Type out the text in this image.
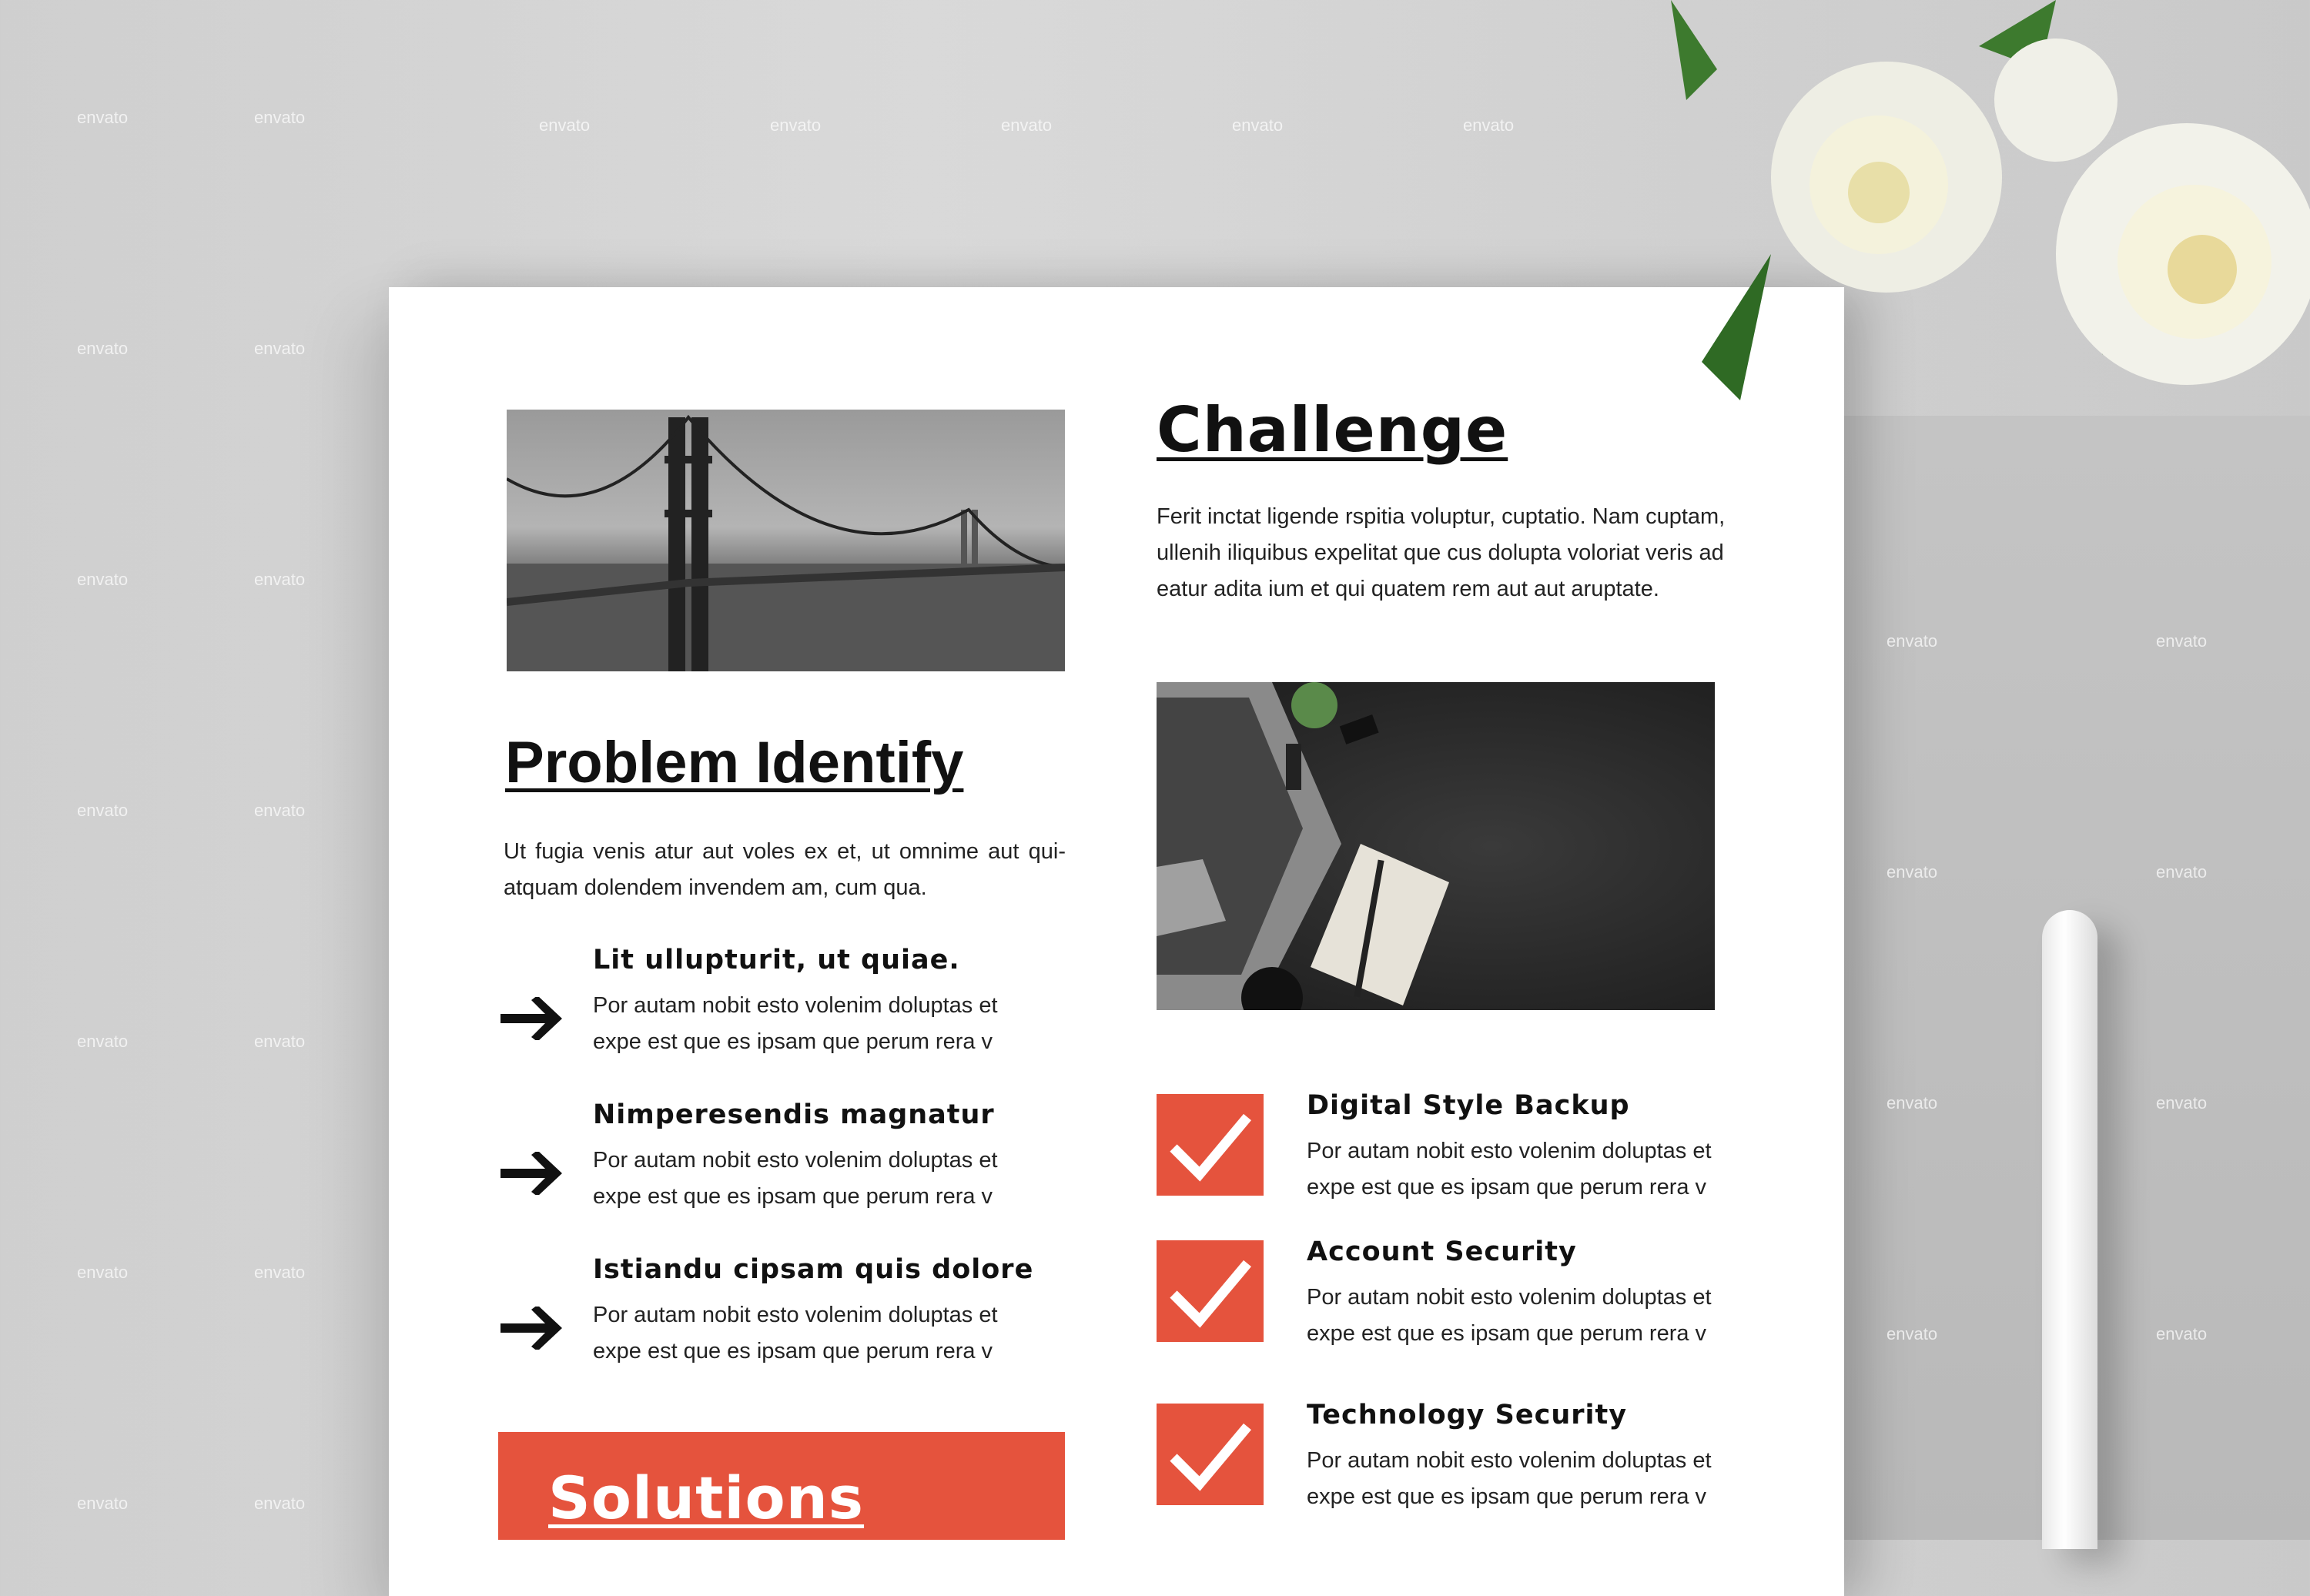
Problem Identify
Ut fugia venis atur aut voles ex et, ut omnime aut qui-atquam dolendem invendem am, cum qua.
Lit ullupturit, ut quiae.
Por autam nobit esto volenim doluptas et
expe est que es ipsam que perum rera v
Nimperesendis magnatur
Por autam nobit esto volenim doluptas et
expe est que es ipsam que perum rera v
Istiandu cipsam quis dolore
Por autam nobit esto volenim doluptas et
expe est que es ipsam que perum rera v
Solutions
Challenge
Ferit inctat ligende rspitia voluptur, cuptatio. Nam cuptam,
ullenih iliquibus expelitat que cus dolupta voloriat veris ad
eatur adita ium et qui quatem rem aut aut aruptate.
Digital Style Backup
Por autam nobit esto volenim doluptas et
expe est que es ipsam que perum rera v
Account Security
Por autam nobit esto volenim doluptas et
expe est que es ipsam que perum rera v
Technology Security
Por autam nobit esto volenim doluptas et
expe est que es ipsam que perum rera v
envato	envato
envato	envato
envato	envato
envato	envato
envato	envato
envato	envato
envato	envato
envato	envato	envato	envato	envato
envato	envato
envato	envato
envato	envato
envato	envato
